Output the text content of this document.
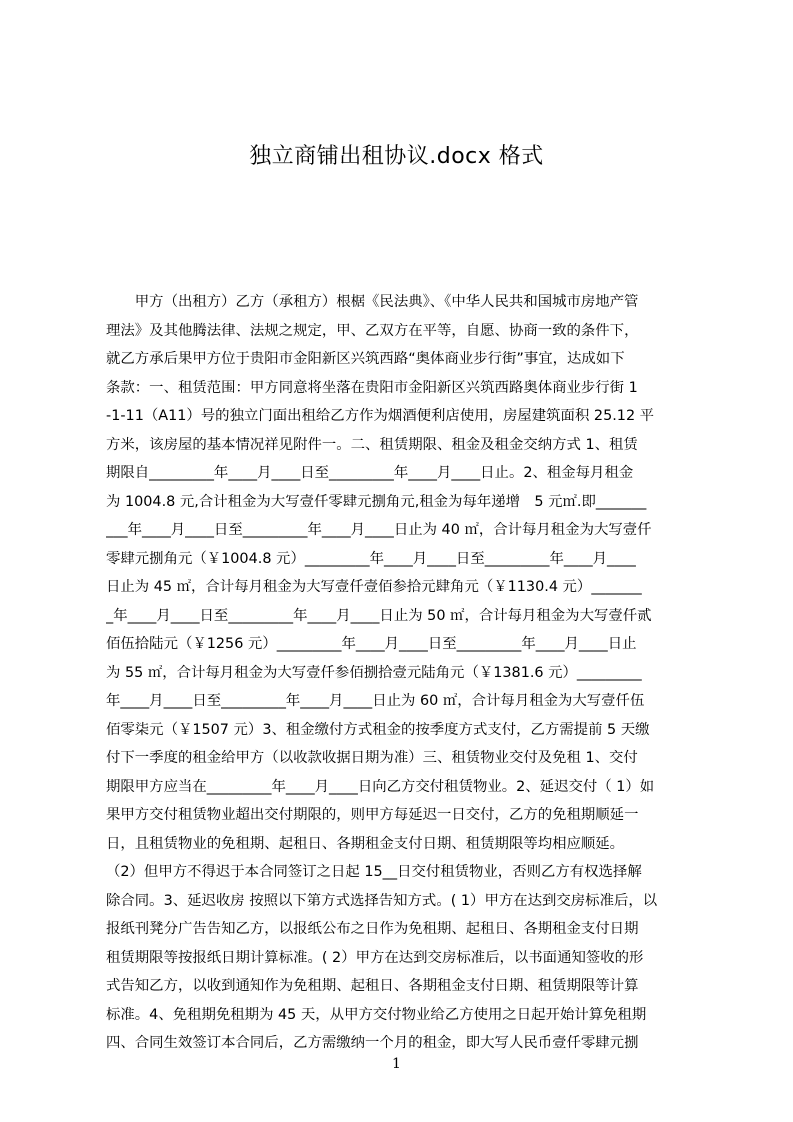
独立商铺出租协议.docx 格式
　　甲方（出租方）乙方（承租方）根椐《民法典》、《中华人民共和国城市房地产管
理法》及其他腾法律、法规之规定，甲、乙双方在平等，自愿、协商一致的条件下，
就乙方承后果甲方位于贵阳市金阳新区兴筑西路“奥体商业步行街”事宜，达成如下
条款：一、租赁范围：甲方同意将坐落在贵阳市金阳新区兴筑西路奥体商业步行街 1
-1-11（A11）号的独立门面出租给乙方作为烟酒便利店使用，房屋建筑面积 25.12 平
方米，该房屋的基本情况祥见附件一。二、租赁期限、租金及租金交纳方式 1、租赁
期限自_________年____月____日至_________年____月____日止。2、租金每月租金
为 1004.8 元,合计租金为大写壹仟零肆元捌角元,租金为每年递增　5 元㎡.即_______
___年____月____日至_________年____月____日止为 40 ㎡，合计每月租金为大写壹仟
零肆元捌角元（￥1004.8 元）_________年____月____日至_________年____月____
日止为 45 ㎡，合计每月租金为大写壹仟壹佰参拾元肆角元（￥1130.4 元）_______
_年____月____日至_________年____月____日止为 50 ㎡，合计每月租金为大写壹仟贰
佰伍拾陆元（￥1256 元）_________年____月____日至_________年____月____日止
为 55 ㎡，合计每月租金为大写壹仟参佰捌拾壹元陆角元（￥1381.6 元）_________
年____月____日至_________年____月____日止为 60 ㎡，合计每月租金为大写壹仟伍
佰零柒元（￥1507 元）3、租金缴付方式租金的按季度方式支付，乙方需提前 5 天缴
付下一季度的租金给甲方（以收款收据日期为准）三、租赁物业交付及免租 1、交付
期限甲方应当在_________年____月____日向乙方交付租赁物业。2、延迟交付（ 1）如
果甲方交付租赁物业超出交付期限的，则甲方每延迟一日交付，乙方的免租期顺延一
日，且租赁物业的免租期、起租日、各期租金支付日期、租赁期限等均相应顺延。
（2）但甲方不得迟于本合同签订之日起 15__日交付租赁物业，否则乙方有权选择解
除合同。3、延迟收房 按照以下第方式选择告知方式。( 1）甲方在达到交房标准后，以
报纸刊凳分广告告知乙方，以报纸公布之日作为免租期、起租日、各期租金支付日期
租赁期限等按报纸日期计算标准。( 2）甲方在达到交房标准后，以书面通知签收的形
式告知乙方，以收到通知作为免租期、起租日、各期租金支付日期、租赁期限等计算
标准。4、免租期免租期为 45 天，从甲方交付物业给乙方使用之日起开始计算免租期
四、合同生效签订本合同后，乙方需缴纳一个月的租金，即大写人民币壹仟零肆元捌
1
